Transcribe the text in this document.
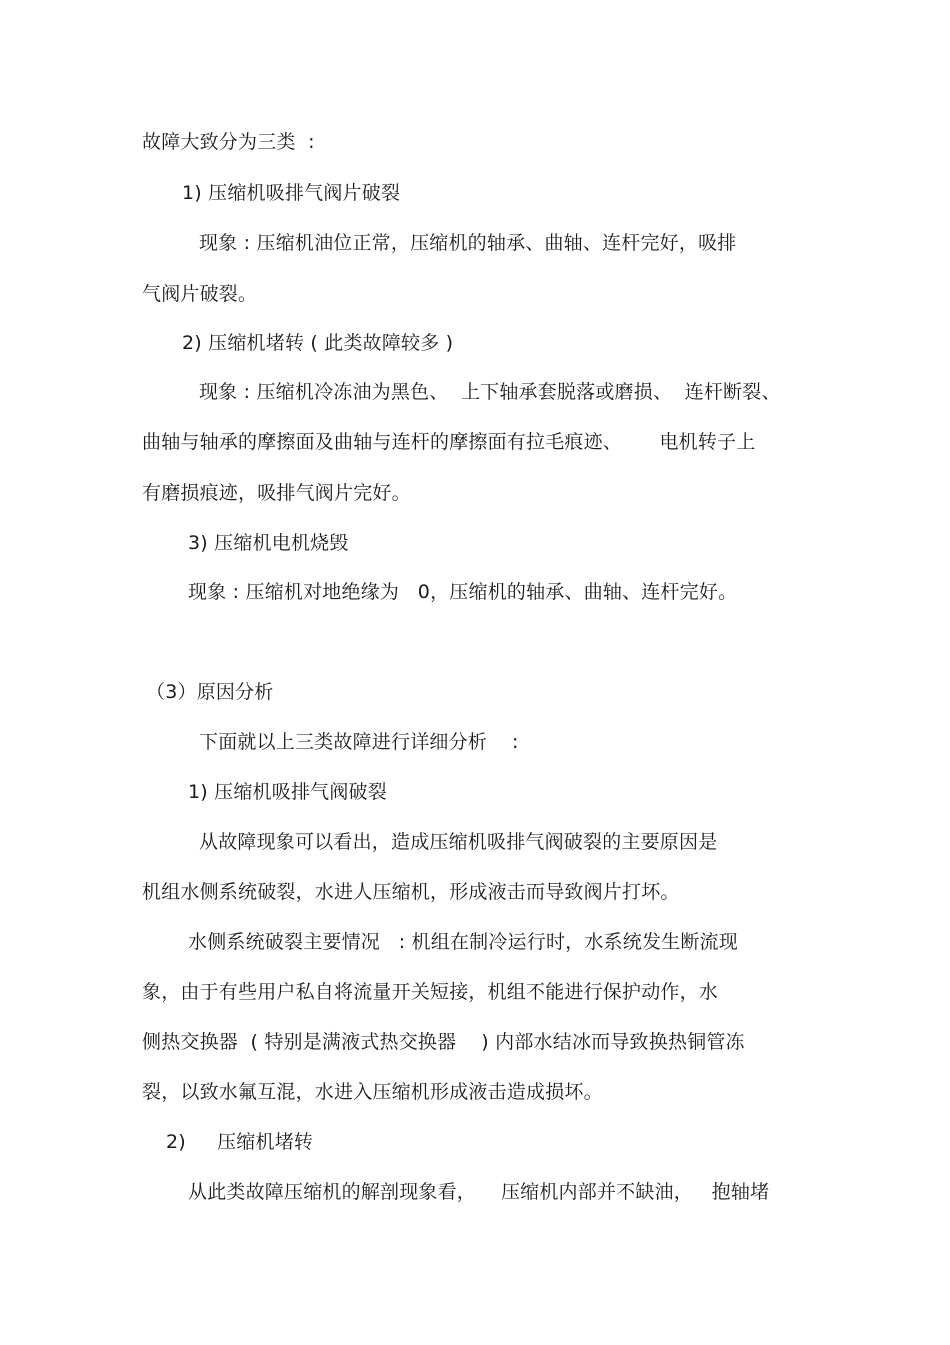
故障大致分为三类  :
1) 压缩机吸排气阀片破裂
现象 : 压缩机油位正常，压缩机的轴承、曲轴、连杆完好，吸排
气阀片破裂。
2) 压缩机堵转 ( 此类故障较多 )
现象 : 压缩机冷冻油为黑色、  上下轴承套脱落或磨损、  连杆断裂、
曲轴与轴承的摩擦面及曲轴与连杆的摩擦面有拉毛痕迹、      电机转子上
有磨损痕迹，吸排气阀片完好。
3) 压缩机电机烧毁
现象 : 压缩机对地绝缘为   0，压缩机的轴承、曲轴、连杆完好。
（3）原因分析
下面就以上三类故障进行详细分析    :
1) 压缩机吸排气阀破裂
从故障现象可以看出，造成压缩机吸排气阀破裂的主要原因是
机组水侧系统破裂，水进人压缩机，形成液击而导致阀片打坏。
水侧系统破裂主要情况   : 机组在制冷运行时，水系统发生断流现
象，由于有些用户私自将流量开关短接，机组不能进行保护动作，水
侧热交换器  ( 特别是满液式热交换器    ) 内部水结冰而导致换热铜管冻
裂，以致水氟互混，水进入压缩机形成液击造成损坏。
2)     压缩机堵转
从此类故障压缩机的解剖现象看，    压缩机内部并不缺油，   抱轴堵
